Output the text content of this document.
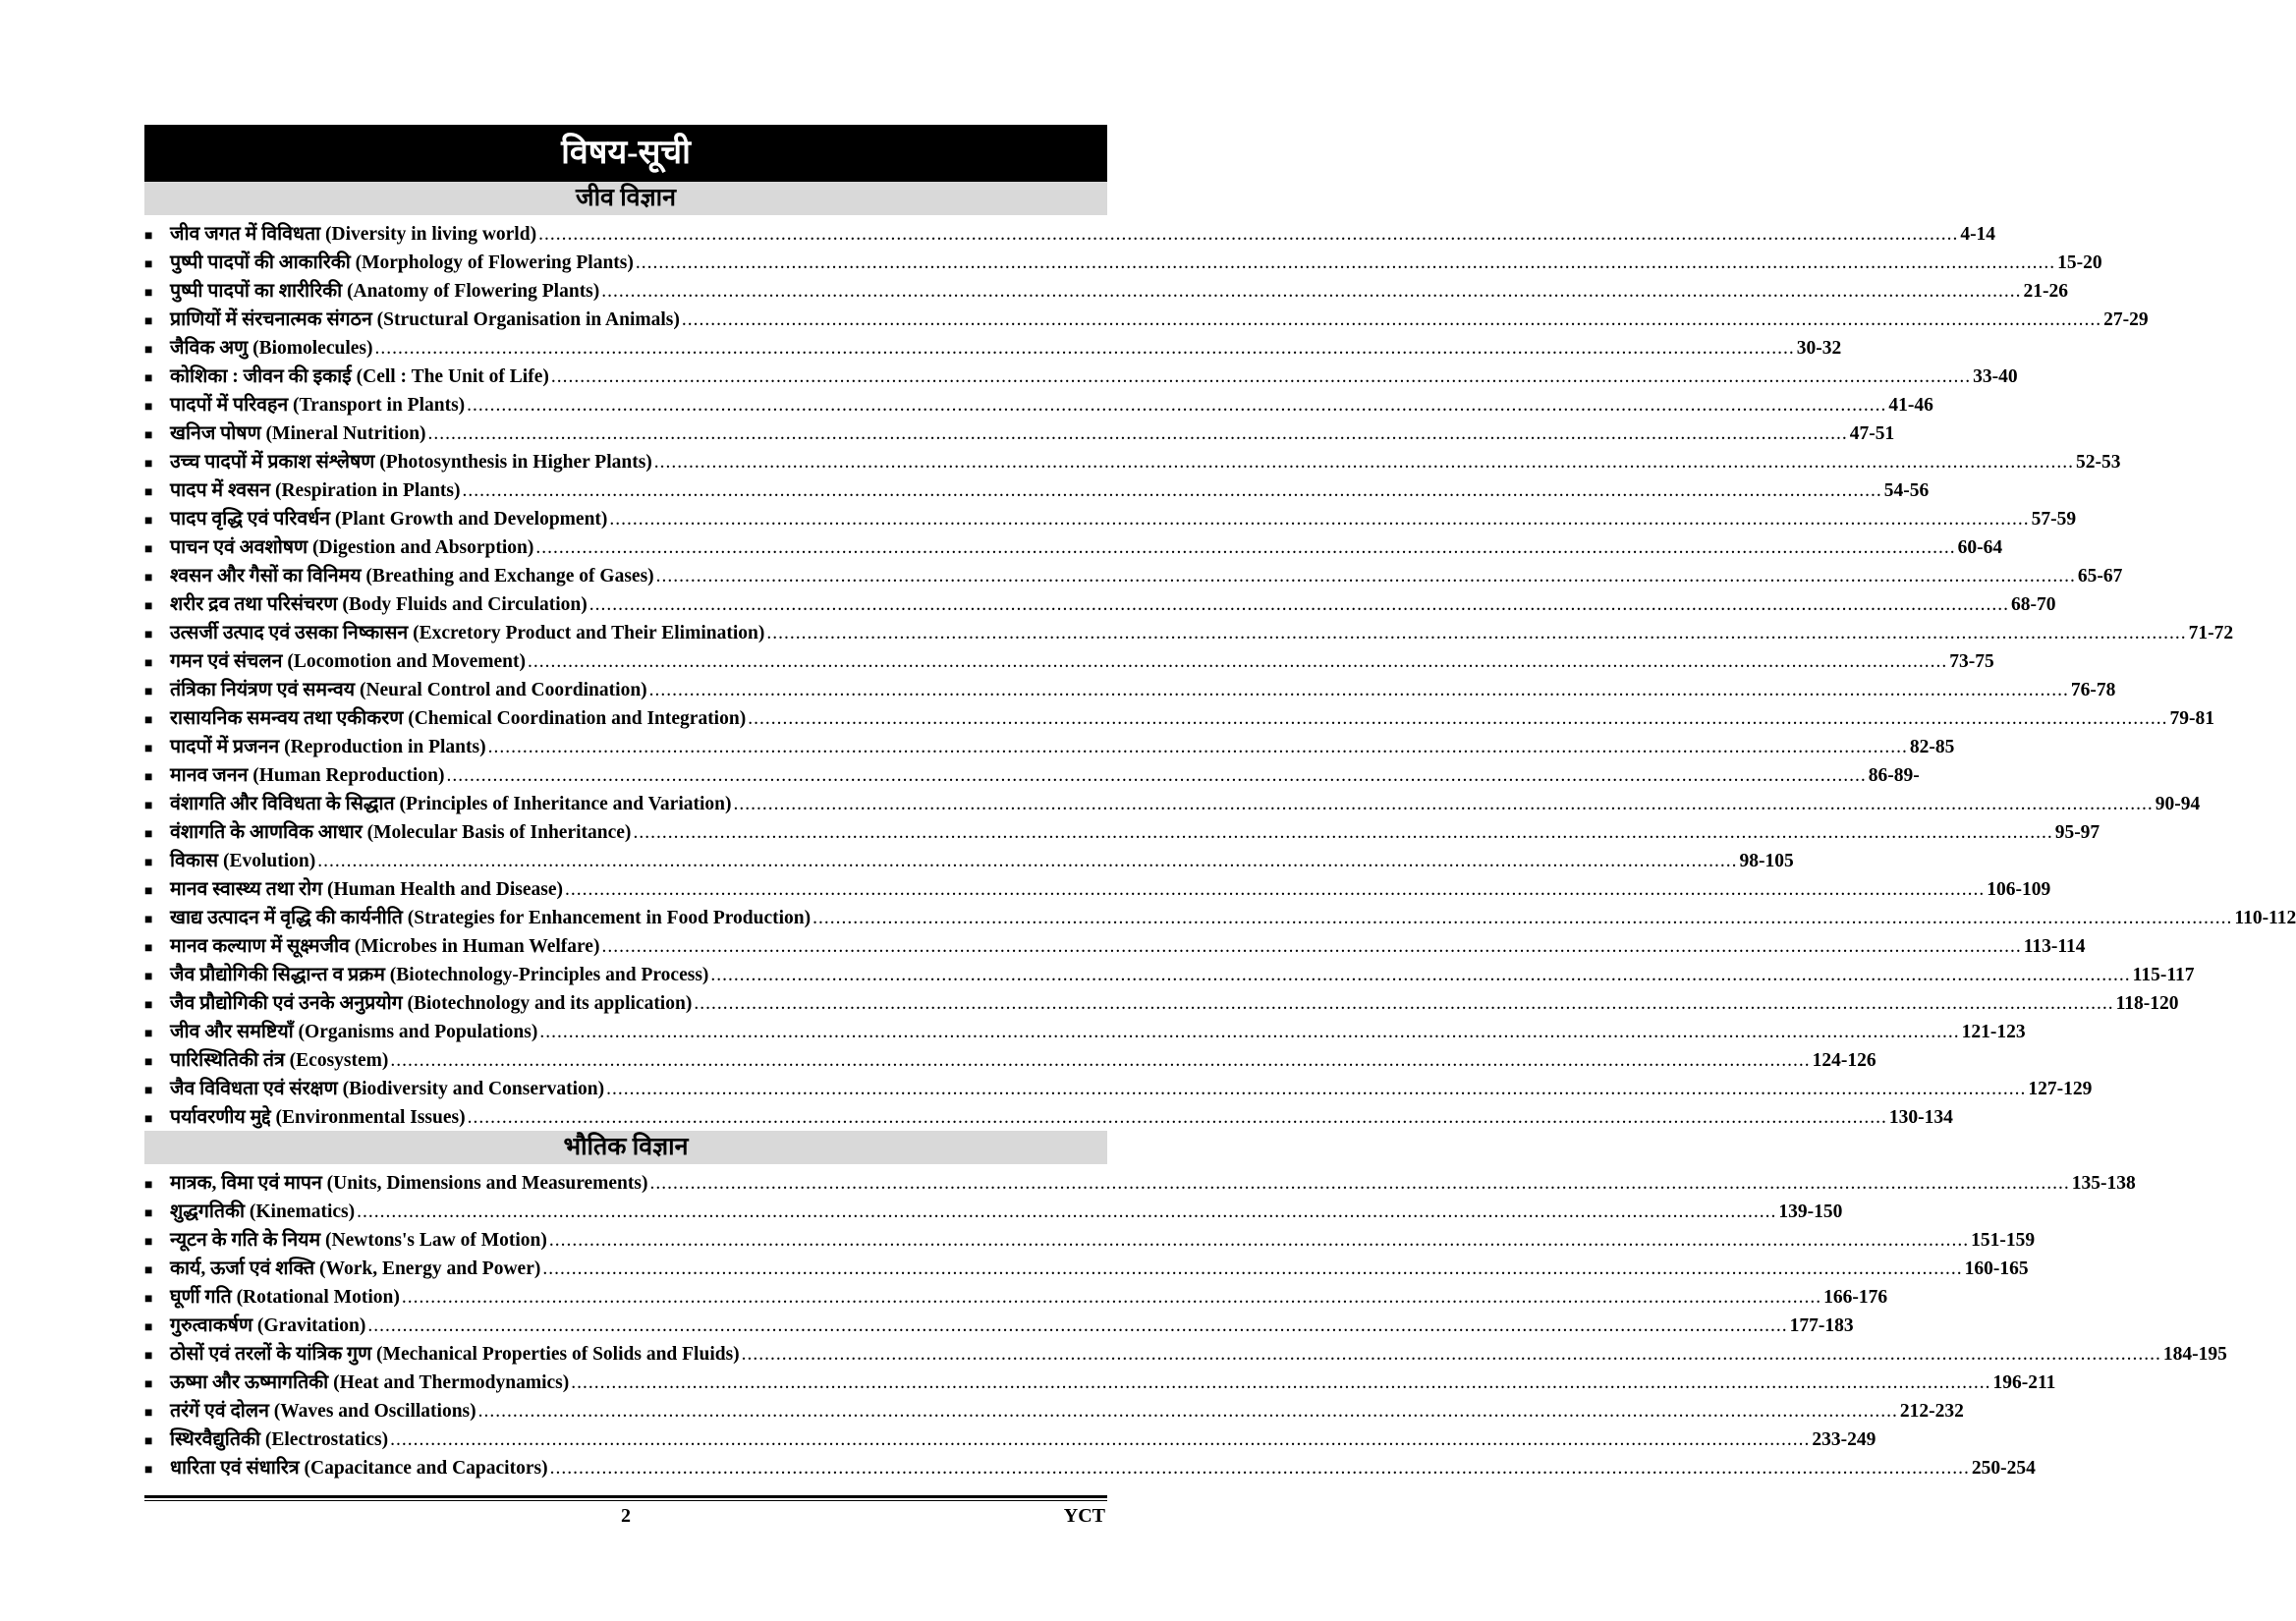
विषय-सूची
जीव विज्ञान
■ जीव जगत में विविधता (Diversity in living world) .....	4-14
■ पुष्पी पादपों की आकारिकी (Morphology of Flowering Plants) .....	15-20
■ पुष्पी पादपों का शारीरिकी (Anatomy of Flowering Plants) .....	21-26
■ प्राणियों में संरचनात्मक संगठन (Structural Organisation in Animals) .....	27-29
■ जैविक अणु (Biomolecules) .....	30-32
■ कोशिका : जीवन की इकाई (Cell : The Unit of Life) .....	33-40
■ पादपों में परिवहन (Transport in Plants) .....	41-46
■ खनिज पोषण (Mineral Nutrition) .....	47-51
■ उच्च पादपों में प्रकाश संश्लेषण (Photosynthesis in Higher Plants) .....	52-53
■ पादप में श्वसन (Respiration in Plants) .....	54-56
■ पादप वृद्धि एवं परिवर्धन (Plant Growth and Development) .....	57-59
■ पाचन एवं अवशोषण (Digestion and Absorption) .....	60-64
■ श्वसन और गैसों का विनिमय (Breathing and Exchange of Gases) .....	65-67
■ शरीर द्रव तथा परिसंचरण (Body Fluids and Circulation) .....	68-70
■ उत्सर्जी उत्पाद एवं उसका निष्कासन (Excretory Product and Their Elimination) .....	71-72
■ गमन एवं संचलन (Locomotion and Movement) .....	73-75
■ तंत्रिका नियंत्रण एवं समन्वय (Neural Control and Coordination) .....	76-78
■ रासायनिक समन्वय तथा एकीकरण (Chemical Coordination and Integration) .....	79-81
■ पादपों में प्रजनन (Reproduction in Plants) .....	82-85
■ मानव जनन (Human Reproduction) .....	86-89-
■ वंशागति और विविधता के सिद्धात (Principles of Inheritance and Variation) .....	90-94
■ वंशागति के आणविक आधार (Molecular Basis of Inheritance) .....	95-97
■ विकास (Evolution) .....	98-105
■ मानव स्वास्थ्य तथा रोग (Human Health and Disease) .....	106-109
■ खाद्य उत्पादन में वृद्धि की कार्यनीति (Strategies for Enhancement in Food Production) .....	110-112
■ मानव कल्याण में सूक्ष्मजीव (Microbes in Human Welfare) .....	113-114
■ जैव प्रौद्योगिकी सिद्धान्त व प्रक्रम (Biotechnology-Principles and Process) .....	115-117
■ जैव प्रौद्योगिकी एवं उनके अनुप्रयोग (Biotechnology and its application) .....	118-120
■ जीव और समष्टियाँ (Organisms and Populations) .....	121-123
■ पारिस्थितिकी तंत्र (Ecosystem) .....	124-126
■ जैव विविधता एवं संरक्षण (Biodiversity and Conservation) .....	127-129
■ पर्यावरणीय मुद्दे (Environmental Issues) .....	130-134
भौतिक विज्ञान
■ मात्रक, विमा एवं मापन (Units, Dimensions and Measurements) .....	135-138
■ शुद्धगतिकी (Kinematics) .....	139-150
■ न्यूटन के गति के नियम (Newtons's Law of Motion) .....	151-159
■ कार्य, ऊर्जा एवं शक्ति (Work, Energy and Power) .....	160-165
■ घूर्णी गति (Rotational Motion) .....	166-176
■ गुरुत्वाकर्षण (Gravitation) .....	177-183
■ ठोसों एवं तरलों के यांत्रिक गुण (Mechanical Properties of Solids and Fluids) .....	184-195
■ ऊष्मा और ऊष्मागतिकी (Heat and Thermodynamics) .....	196-211
■ तरंगें एवं दोलन (Waves and Oscillations) .....	212-232
■ स्थिरवैद्युतिकी (Electrostatics) .....	233-249
■ धारिता एवं संधारित्र (Capacitance and Capacitors) .....	250-254
2	YCT
